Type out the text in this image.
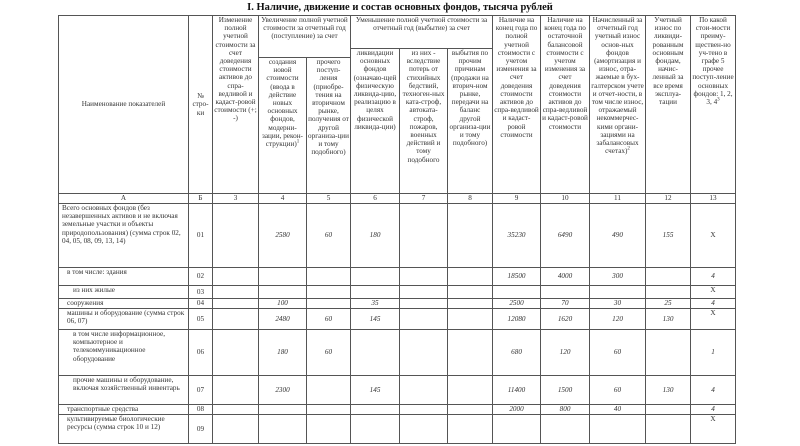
I. Наличие, движение и состав основных фондов, тысяча рублей
Наименование показателей	№ стро-ки	Изменение полной учетной стоимости за счет доведения стоимости активов до спра-ведливой и кадаст-ровой стоимости (+; -)	Увеличение полной учетной стоимости за отчетный год (поступление) за счет		Уменьшение полной учетной стоимости за отчетный год (выбытие) за счет			Наличие на конец года по полной учетной стоимости с учетом изменения за счет доведения стоимости активов до спра-ведливой и кадаст-ровой стоимости	Наличие на конец года по остаточной балансовой стоимости с учетом изменения за счет доведения стоимости активов до спра-ведливой и кадаст-ровой стоимости	Начисленный за отчетный год учетный износ основ-ных фондов (амортизация и износ, отра-жаемые в бух-галтерском учете и отчет-ности, в том числе износ, отражаемый некоммерчес-кими органи-зациями на забалансовых счетах)$^2$	Учетный износ по ликвиди-рованным основным фондам, начис-ленный за все время эксплуа-тации	По какой стои-мости преиму-ществен-но уч-тено в графе 5 прочее поступ-ление основных фондов: 1, 2, 3, $4^3$
					ликвидации основных фондов (означаю-щей физическую ликвида-цию, реализацию в целях физической ликвида-ции)	из них - вследствие потерь от стихийных бедствий, техноген-ных ката-строф, автоката-строф, пожаров, военных действий и тому подобного	выбытия по прочим причинам (продажи на вторич-ном рынке, передачи на баланс другой организа-ции и тому подобного)					
			создания новой стоимости (ввода в действие новых основных фондов, модерни-зации, рекон-струкции)$^1$	прочего поступ-ления (приобре-тения на вторичном рынке, получения от другой организа-ции и тому подобного)								
А	Б	3	4	5	6	7	8	9	10	11	12	13
Всего основных фондов (без незавершенных активов и не включая земельные участки и объекты природопользования) (сумма строк 02, 04, 05, 08, 09, 13, 14)	01		2580	60	180			35230	6490	490	155	X
в том числе: здания	02							18500	4000	300		4
из них жилые	03											X
сооружения	04		100		35			2500	70	30	25	4
машины и оборудование (сумма строк 06, 07)	05		2480	60	145			12080	1620	120	130	X
в том числе информационное, компьютерное и телекоммуникационное оборудование	06		180	60				680	120	60		1
прочие машины и оборудование, включая хозяйственный инвентарь	07		2300		145			11400	1500	60	130	4
транспортные средства	08							2000	800	40		4
культивируемые биологические ресурсы (сумма строк 10 и 12)	09											X
